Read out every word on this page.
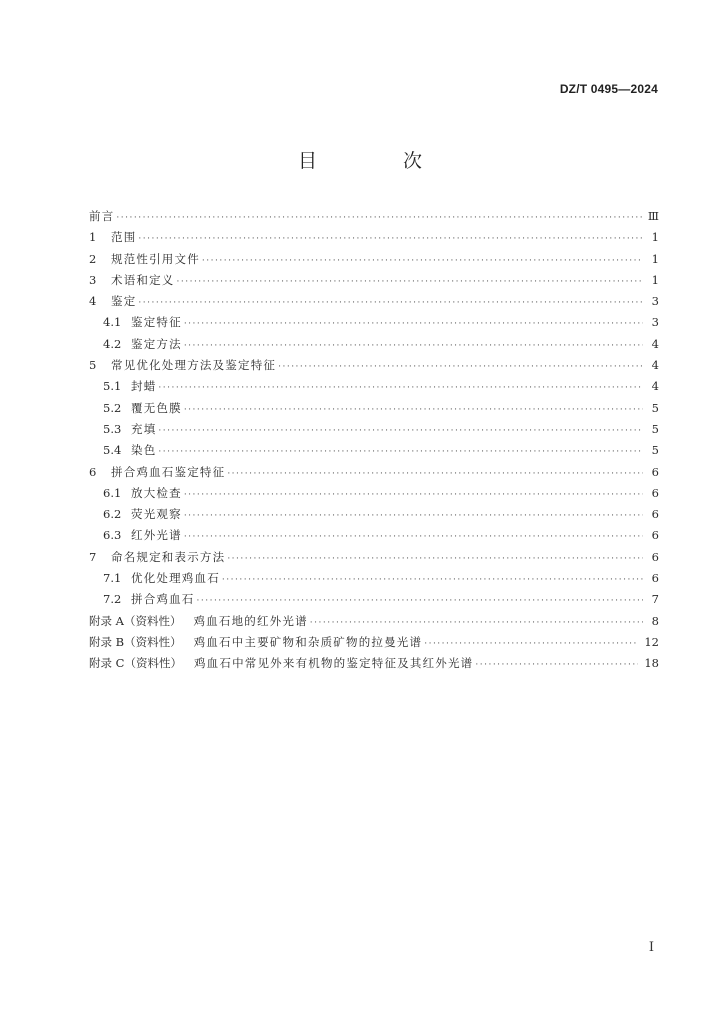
DZ/T 0495—2024
目 次
前言 ·····	Ⅲ
1	范围 ·····	1
2	规范性引用文件 ·····	1
3	术语和定义 ·····	1
4	鉴定 ·····	3
4.1 鉴定特征 ·····	3
4.2 鉴定方法 ·····	4
5	常见优化处理方法及鉴定特征 ·····	4
5.1 封蜡 ·····	4
5.2 覆无色膜 ·····	5
5.3 充填 ·····	5
5.4 染色 ·····	5
6	拼合鸡血石鉴定特征 ·····	6
6.1 放大检查 ·····	6
6.2 荧光观察 ·····	6
6.3 红外光谱 ·····	6
7	命名规定和表示方法 ·····	6
7.1 优化处理鸡血石 ·····	6
7.2 拼合鸡血石 ·····	7
附录 A（资料性） 鸡血石地的红外光谱 ·····	8
附录 B（资料性） 鸡血石中主要矿物和杂质矿物的拉曼光谱 ·····	12
附录 C（资料性） 鸡血石中常见外来有机物的鉴定特征及其红外光谱 ·····	18
I
